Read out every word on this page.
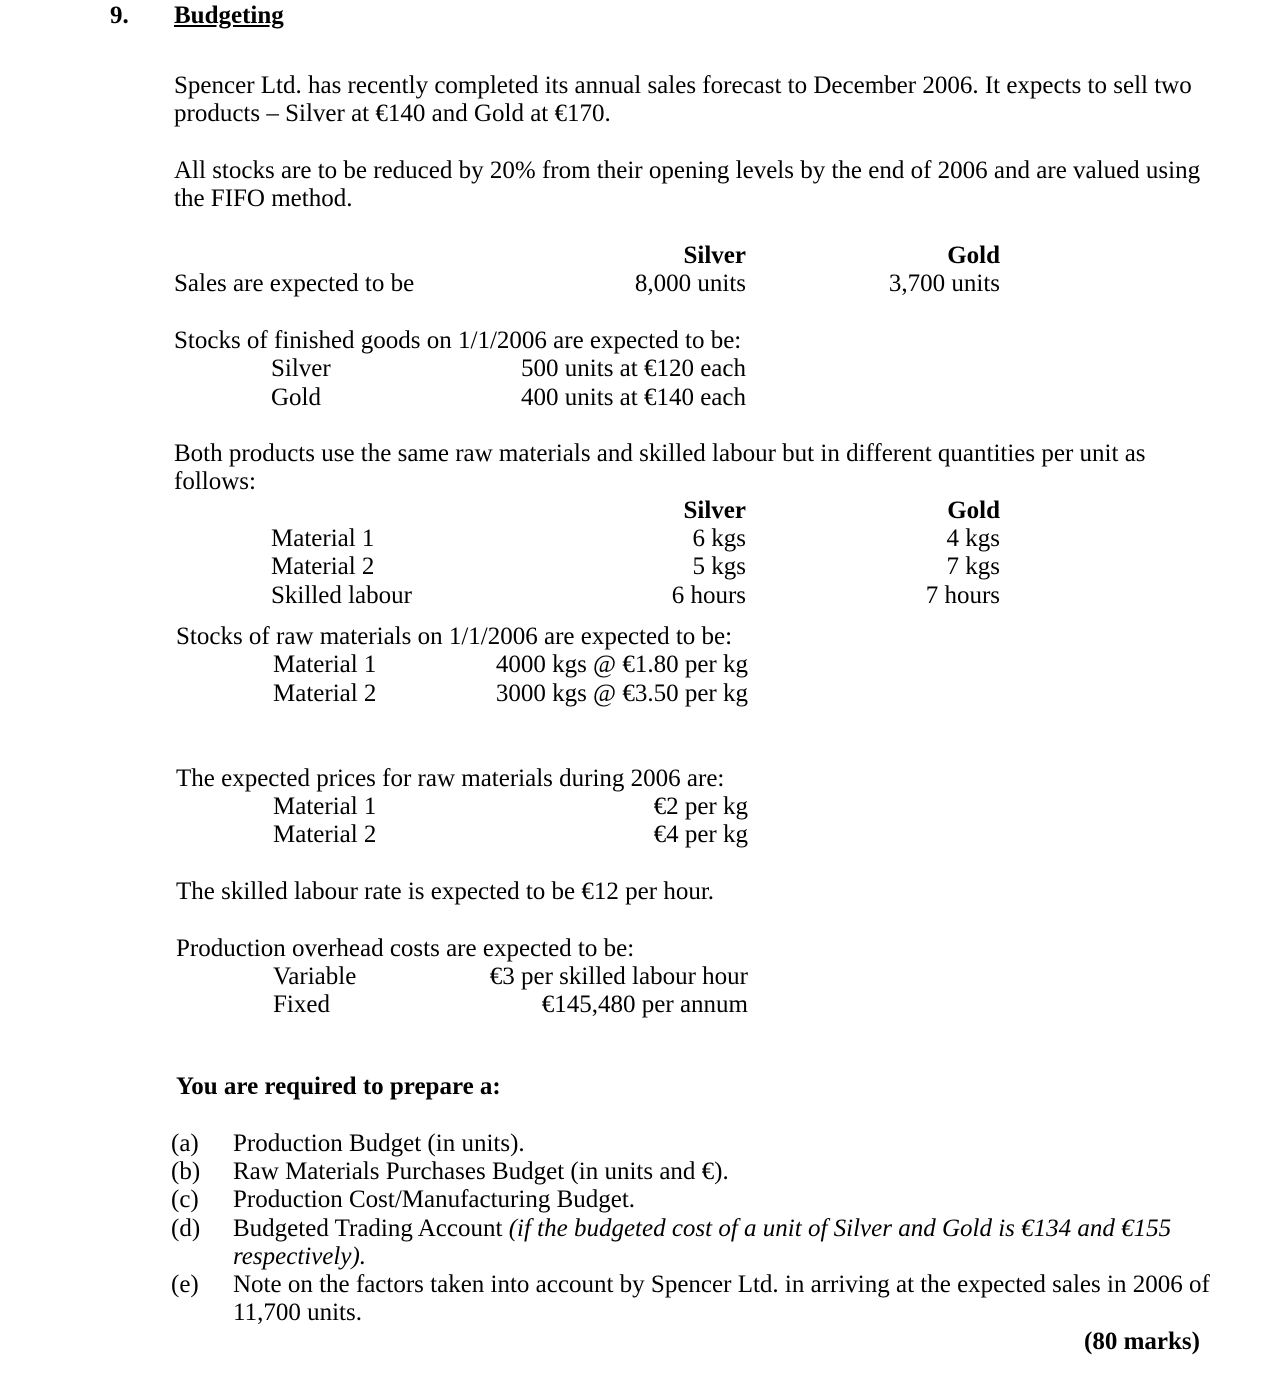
9. Budgeting
Spencer Ltd. has recently completed its annual sales forecast to December 2006. It expects to sell two products – Silver at €140 and Gold at €170.
All stocks are to be reduced by 20% from their opening levels by the end of 2006 and are valued using the FIFO method.
Silver	Gold
Sales are expected to be	8,000 units	3,700 units
Stocks of finished goods on 1/1/2006 are expected to be:
Silver	500 units at €120 each
Gold	400 units at €140 each
Both products use the same raw materials and skilled labour but in different quantities per unit as follows:
Silver	Gold
Material 1	6 kgs	4 kgs
Material 2	5 kgs	7 kgs
Skilled labour	6 hours	7 hours
Stocks of raw materials on 1/1/2006 are expected to be:
Material 1	4000 kgs @ €1.80 per kg
Material 2	3000 kgs @ €3.50 per kg
The expected prices for raw materials during 2006 are:
Material 1	€2 per kg
Material 2	€4 per kg
The skilled labour rate is expected to be €12 per hour.
Production overhead costs are expected to be:
Variable	€3 per skilled labour hour
Fixed	€145,480 per annum
You are required to prepare a:
(a) Production Budget (in units).
(b) Raw Materials Purchases Budget (in units and €).
(c) Production Cost/Manufacturing Budget.
(d) Budgeted Trading Account (if the budgeted cost of a unit of Silver and Gold is €134 and €155 respectively).
(e) Note on the factors taken into account by Spencer Ltd. in arriving at the expected sales in 2006 of 11,700 units.
(80 marks)
